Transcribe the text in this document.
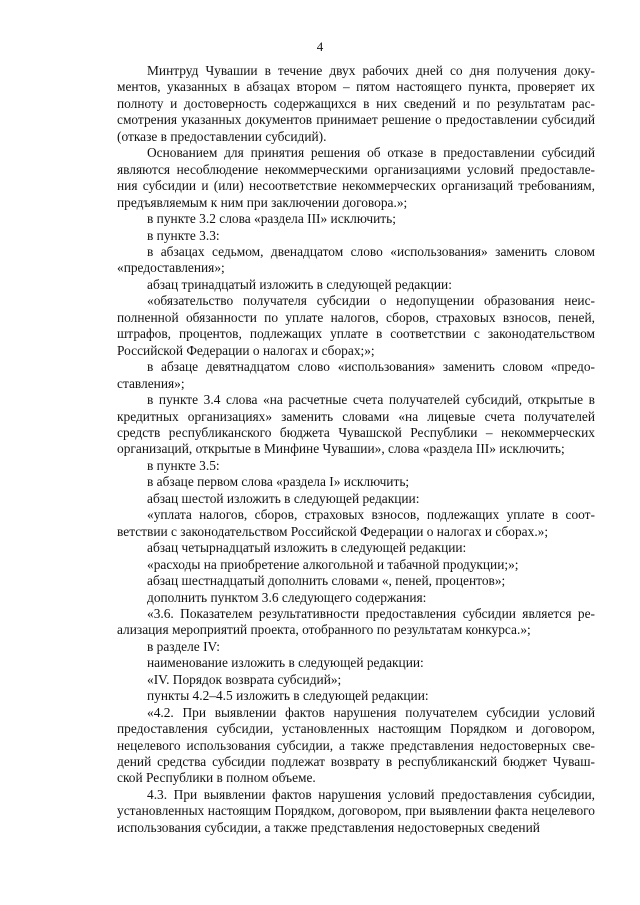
4

Минтруд Чувашии в течение двух рабочих дней со дня получения документов, указанных в абзацах втором – пятом настоящего пункта, проверяет их полноту и достоверность содержащихся в них сведений и по результатам рассмотрения указанных документов принимает решение о предоставлении субсидий (отказе в предоставлении субсидий).

Основанием для принятия решения об отказе в предоставлении субсидий являются несоблюдение некоммерческими организациями условий предоставления субсидии и (или) несоответствие некоммерческих организаций требованиям, предъявляемым к ним при заключении договора.»;

в пункте 3.2 слова «раздела III» исключить;

в пункте 3.3:

в абзацах седьмом, двенадцатом слово «использования» заменить словом «предоставления»;

абзац тринадцатый изложить в следующей редакции:

«обязательство получателя субсидии о недопущении образования неисполненной обязанности по уплате налогов, сборов, страховых взносов, пеней, штрафов, процентов, подлежащих уплате в соответствии с законодательством Российской Федерации о налогах и сборах;»;

в абзаце девятнадцатом слово «использования» заменить словом «предоставления»;

в пункте 3.4 слова «на расчетные счета получателей субсидий, открытые в кредитных организациях» заменить словами «на лицевые счета получателей средств республиканского бюджета Чувашской Республики – некоммерческих организаций, открытые в Минфине Чувашии», слова «раздела III» исключить;

в пункте 3.5:

в абзаце первом слова «раздела I» исключить;

абзац шестой изложить в следующей редакции:

«уплата налогов, сборов, страховых взносов, подлежащих уплате в соответствии с законодательством Российской Федерации о налогах и сборах.»;

абзац четырнадцатый изложить в следующей редакции:

«расходы на приобретение алкогольной и табачной продукции;»;

абзац шестнадцатый дополнить словами «, пеней, процентов»;

дополнить пунктом 3.6 следующего содержания:

«3.6. Показателем результативности предоставления субсидии является реализация мероприятий проекта, отобранного по результатам конкурса.»;

в разделе IV:

наименование изложить в следующей редакции:

«IV. Порядок возврата субсидий»;

пункты 4.2–4.5 изложить в следующей редакции:

«4.2. При выявлении фактов нарушения получателем субсидии условий предоставления субсидии, установленных настоящим Порядком и договором, нецелевого использования субсидии, а также представления недостоверных сведений средства субсидии подлежат возврату в республиканский бюджет Чувашской Республики в полном объеме.

4.3. При выявлении фактов нарушения условий предоставления субсидии, установленных настоящим Порядком, договором, при выявлении факта нецелевого использования субсидии, а также представления недостоверных сведений
